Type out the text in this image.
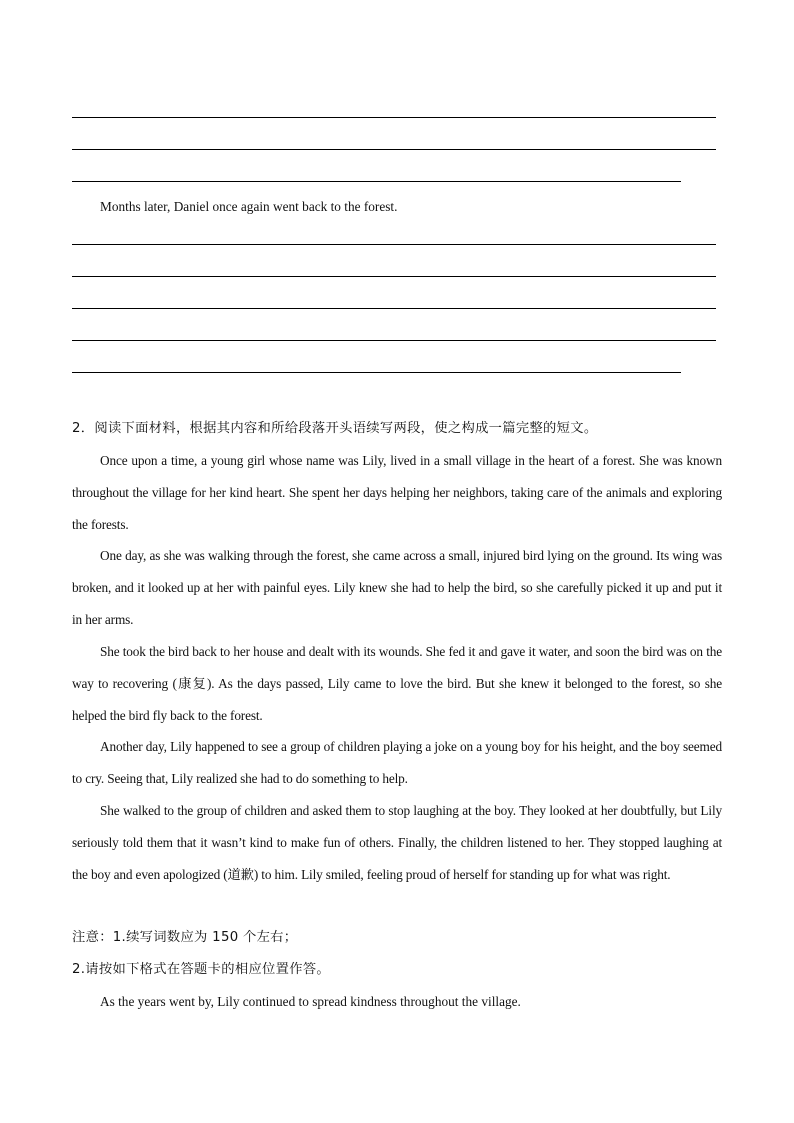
Months later, Daniel once again went back to the forest.

2．阅读下面材料，根据其内容和所给段落开头语续写两段，使之构成一篇完整的短文。

Once upon a time, a young girl whose name was Lily, lived in a small village in the heart of a forest. She was known throughout the village for her kind heart. She spent her days helping her neighbors, taking care of the animals and exploring the forests.

One day, as she was walking through the forest, she came across a small, injured bird lying on the ground. Its wing was broken, and it looked up at her with painful eyes. Lily knew she had to help the bird, so she carefully picked it up and put it in her arms.

She took the bird back to her house and dealt with its wounds. She fed it and gave it water, and soon the bird was on the way to recovering (康复). As the days passed, Lily came to love the bird. But she knew it belonged to the forest, so she helped the bird fly back to the forest.

Another day, Lily happened to see a group of children playing a joke on a young boy for his height, and the boy seemed to cry. Seeing that, Lily realized she had to do something to help.

She walked to the group of children and asked them to stop laughing at the boy. They looked at her doubtfully, but Lily seriously told them that it wasn’t kind to make fun of others. Finally, the children listened to her. They stopped laughing at the boy and even apologized (道歉) to him. Lily smiled, feeling proud of herself for standing up for what was right.

注意：1.续写词数应为 150 个左右；

2.请按如下格式在答题卡的相应位置作答。

As the years went by, Lily continued to spread kindness throughout the village.
